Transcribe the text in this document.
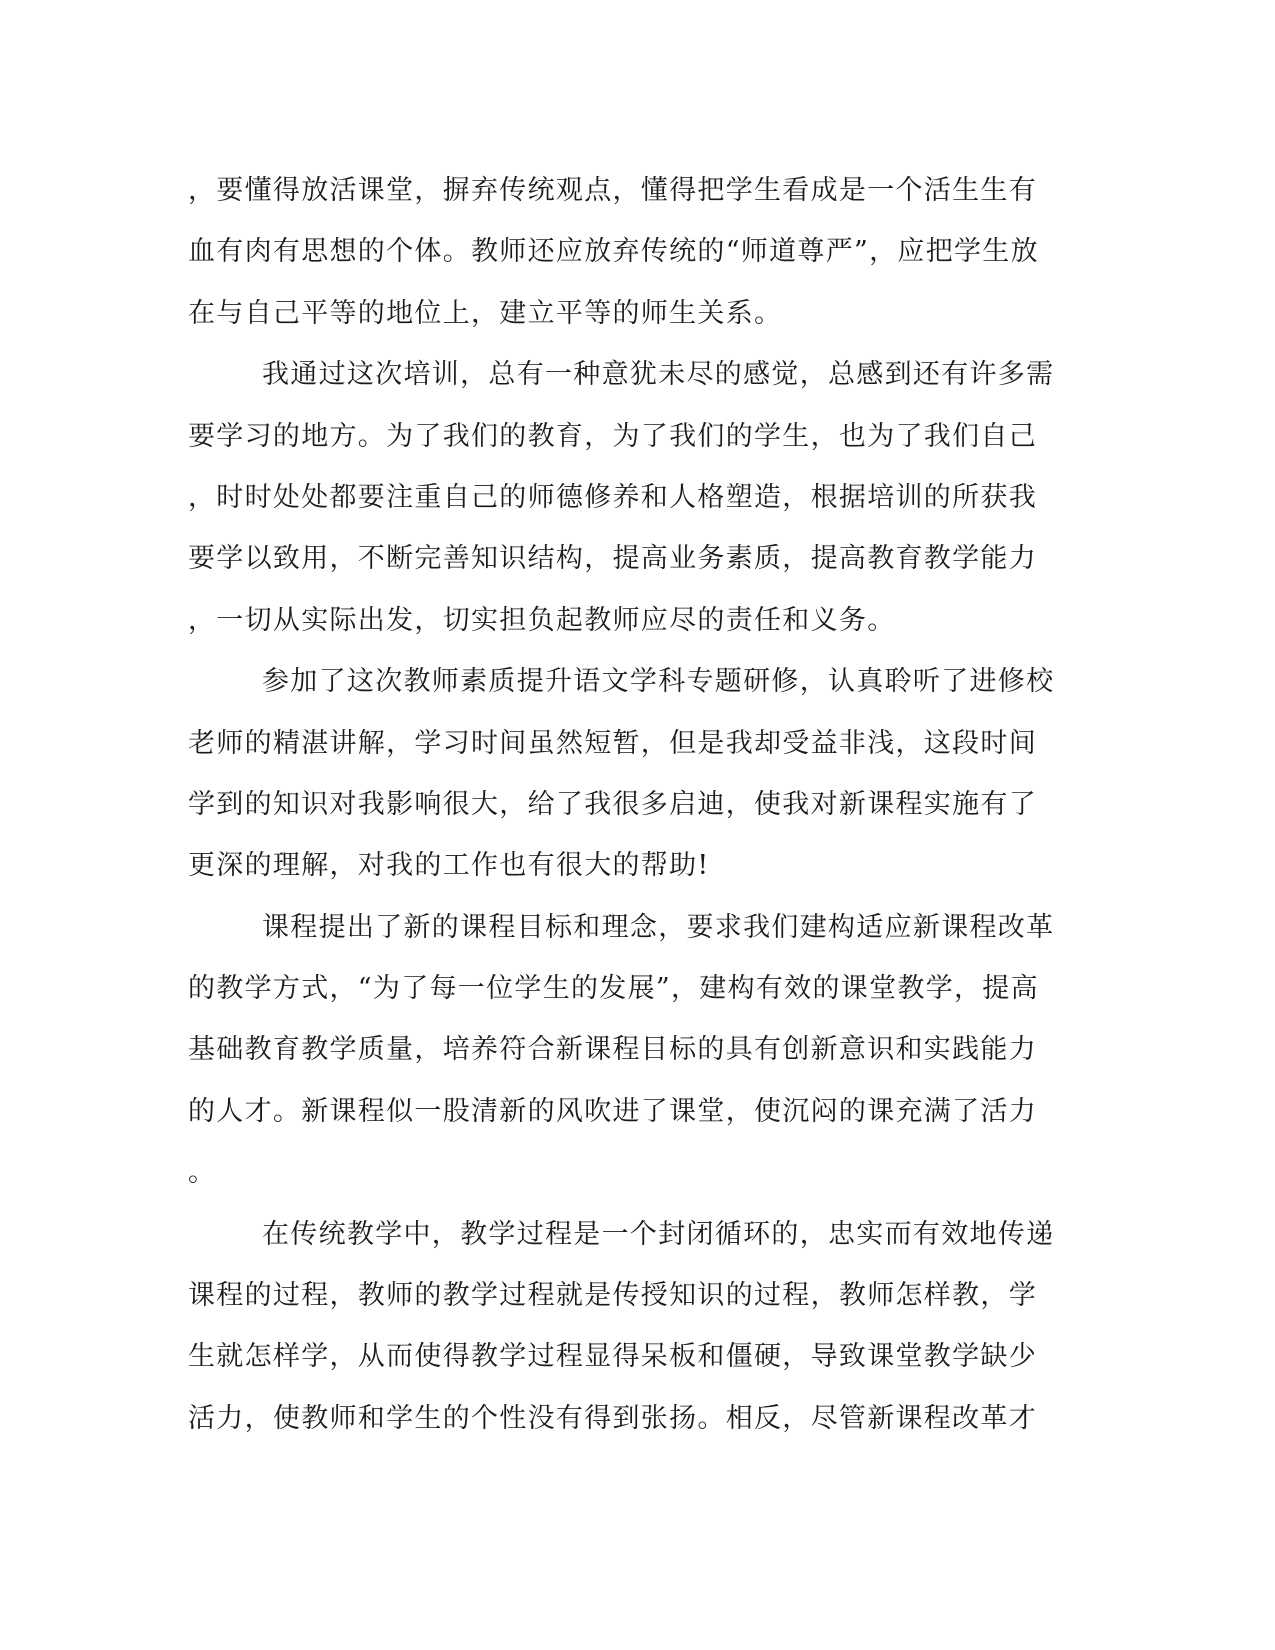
，要懂得放活课堂，摒弃传统观点，懂得把学生看成是一个活生生有
血有肉有思想的个体。教师还应放弃传统的“师道尊严”，应把学生放
在与自己平等的地位上，建立平等的师生关系。
我通过这次培训，总有一种意犹未尽的感觉，总感到还有许多需
要学习的地方。为了我们的教育，为了我们的学生，也为了我们自己
，时时处处都要注重自己的师德修养和人格塑造，根据培训的所获我
要学以致用，不断完善知识结构，提高业务素质，提高教育教学能力
，一切从实际出发，切实担负起教师应尽的责任和义务。
参加了这次教师素质提升语文学科专题研修，认真聆听了进修校
老师的精湛讲解，学习时间虽然短暂，但是我却受益非浅，这段时间
学到的知识对我影响很大，给了我很多启迪，使我对新课程实施有了
更深的理解，对我的工作也有很大的帮助!
课程提出了新的课程目标和理念，要求我们建构适应新课程改革
的教学方式，“为了每一位学生的发展”，建构有效的课堂教学，提高
基础教育教学质量，培养符合新课程目标的具有创新意识和实践能力
的人才。新课程似一股清新的风吹进了课堂，使沉闷的课充满了活力
。
在传统教学中，教学过程是一个封闭循环的，忠实而有效地传递
课程的过程，教师的教学过程就是传授知识的过程，教师怎样教，学
生就怎样学，从而使得教学过程显得呆板和僵硬，导致课堂教学缺少
活力，使教师和学生的个性没有得到张扬。相反，尽管新课程改革才
